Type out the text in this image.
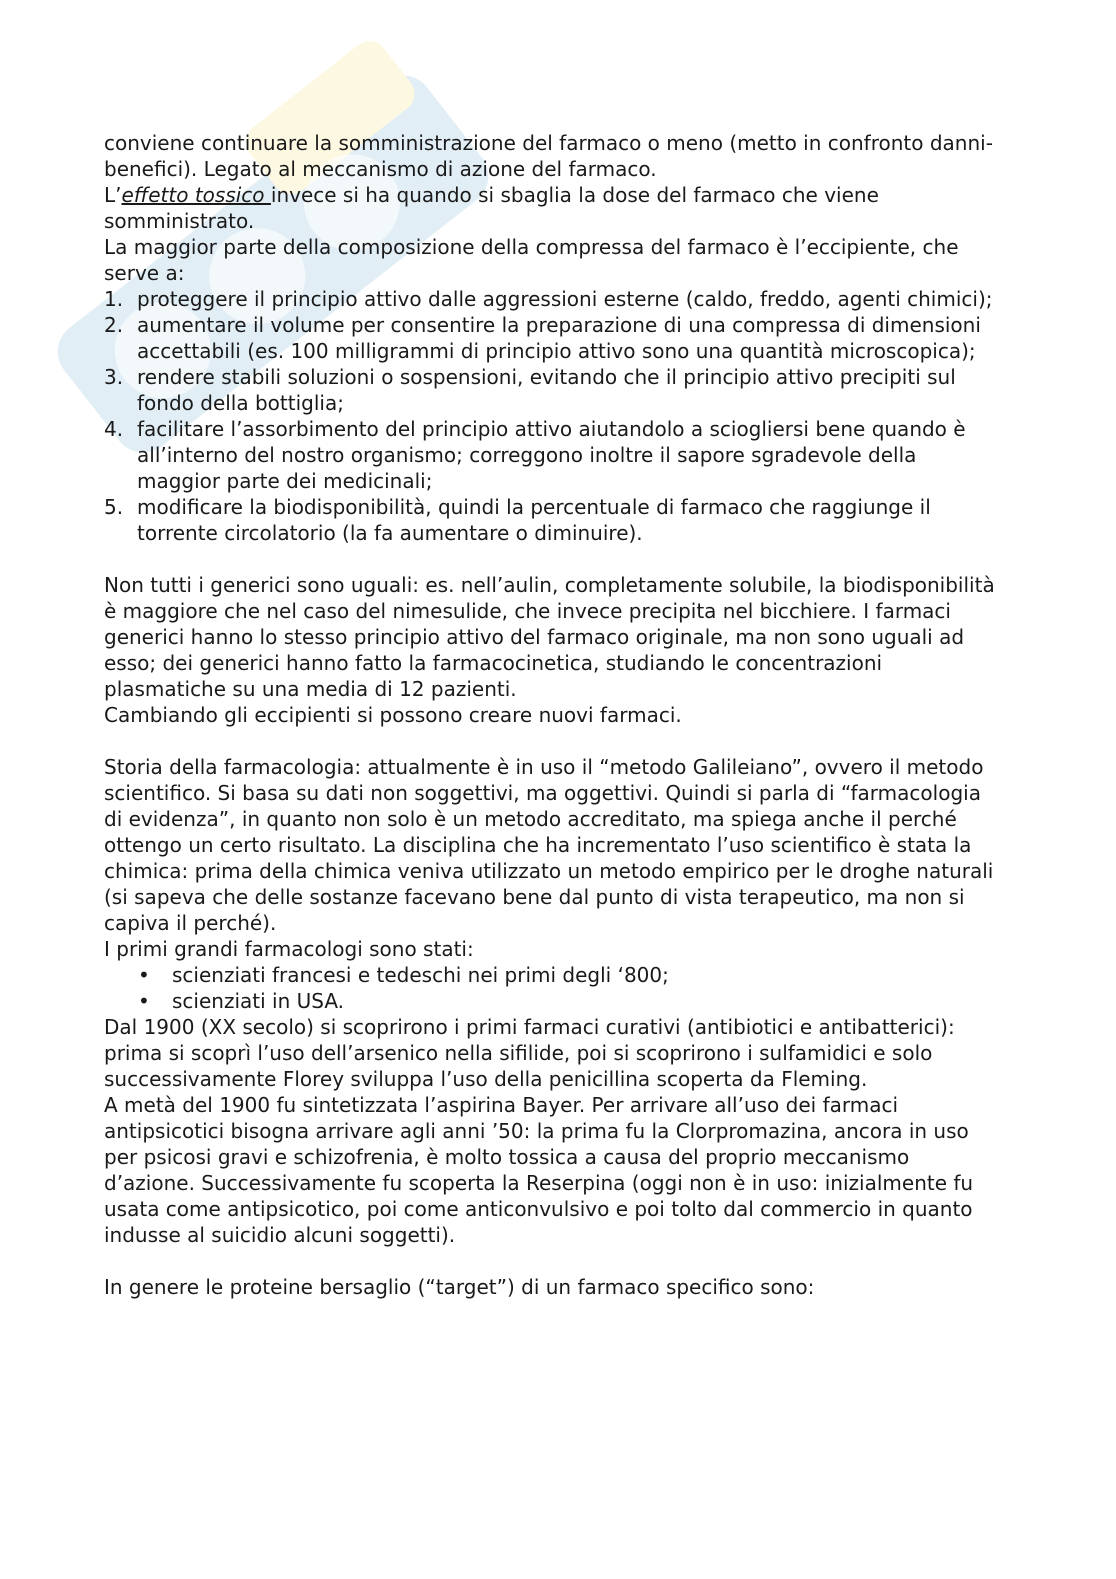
conviene continuare la somministrazione del farmaco o meno (metto in confronto danni-benefici). Legato al meccanismo di azione del farmaco.

L’effetto tossico invece si ha quando si sbaglia la dose del farmaco che viene somministrato.

La maggior parte della composizione della compressa del farmaco è l’eccipiente, che serve a:

1. proteggere il principio attivo dalle aggressioni esterne (caldo, freddo, agenti chimici);
2. aumentare il volume per consentire la preparazione di una compressa di dimensioni accettabili (es. 100 milligrammi di principio attivo sono una quantità microscopica);
3. rendere stabili soluzioni o sospensioni, evitando che il principio attivo precipiti sul fondo della bottiglia;
4. facilitare l’assorbimento del principio attivo aiutandolo a sciogliersi bene quando è all’interno del nostro organismo; correggono inoltre il sapore sgradevole della maggior parte dei medicinali;
5. modificare la biodisponibilità, quindi la percentuale di farmaco che raggiunge il torrente circolatorio (la fa aumentare o diminuire).

Non tutti i generici sono uguali: es. nell’aulin, completamente solubile, la biodisponibilità è maggiore che nel caso del nimesulide, che invece precipita nel bicchiere. I farmaci generici hanno lo stesso principio attivo del farmaco originale, ma non sono uguali ad esso; dei generici hanno fatto la farmacocinetica, studiando le concentrazioni plasmatiche su una media di 12 pazienti.

Cambiando gli eccipienti si possono creare nuovi farmaci.

Storia della farmacologia: attualmente è in uso il “metodo Galileiano”, ovvero il metodo scientifico. Si basa su dati non soggettivi, ma oggettivi. Quindi si parla di “farmacologia di evidenza”, in quanto non solo è un metodo accreditato, ma spiega anche il perché ottengo un certo risultato. La disciplina che ha incrementato l’uso scientifico è stata la chimica: prima della chimica veniva utilizzato un metodo empirico per le droghe naturali (si sapeva che delle sostanze facevano bene dal punto di vista terapeutico, ma non si capiva il perché).

I primi grandi farmacologi sono stati:

• scienziati francesi e tedeschi nei primi degli ‘800;
• scienziati in USA.

Dal 1900 (XX secolo) si scoprirono i primi farmaci curativi (antibiotici e antibatterici): prima si scoprì l’uso dell’arsenico nella sifilide, poi si scoprirono i sulfamidici e solo successivamente Florey sviluppa l’uso della penicillina scoperta da Fleming.

A metà del 1900 fu sintetizzata l’aspirina Bayer. Per arrivare all’uso dei farmaci antipsicotici bisogna arrivare agli anni ’50: la prima fu la Clorpromazina, ancora in uso per psicosi gravi e schizofrenia, è molto tossica a causa del proprio meccanismo d’azione. Successivamente fu scoperta la Reserpina (oggi non è in uso: inizialmente fu usata come antipsicotico, poi come anticonvulsivo e poi tolto dal commercio in quanto indusse al suicidio alcuni soggetti).

In genere le proteine bersaglio (“target”) di un farmaco specifico sono:
